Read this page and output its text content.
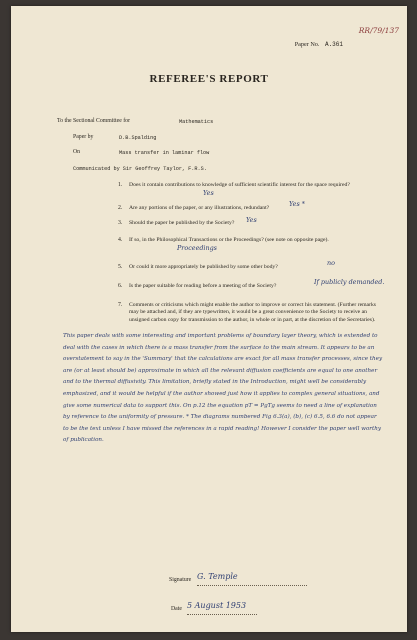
RR/79/137
Paper No. A.361
REFEREE'S REPORT
To the Sectional Committee for	Mathematics
Paper by	D.B.Spalding
On	Mass transfer in laminar flow
Communicated by Sir Geoffrey Taylor, F.R.S.
1. Does it contain contributions to knowledge of sufficient scientific interest for the space required?
Yes
2. Are any portions of the paper, or any illustrations, redundant?	Yes *
3. Should the paper be published by the Society?	Yes
4. If so, in the Philosophical Transactions or the Proceedings? (see note on opposite page).
Proceedings
5. Or could it more appropriately be published by some other body?	no
6. Is the paper suitable for reading before a meeting of the Society?	If publicly demanded.
7. Comments or criticisms which might enable the author to improve or correct his statement. (Further remarks may be attached and, if they are typewritten, it would be a great convenience to the Society to receive an unsigned carbon copy for transmission to the author, in whole or in part, at the discretion of the Secretaries).
This paper deals with some interesting and important problems of boundary layer theory, which is extended to deal with the cases in which there is a mass transfer from the surface to the main stream. It appears to be an overstatement to say in the 'Summary' that the calculations are exact for all mass transfer processes, since they are (or at least should be) approximate in which all the relevant diffusion coefficients are equal to one another and to the thermal diffusivity. This limitation, briefly stated in the Introduction, might well be considerably emphasized, and it would be helpful if the author showed just how it applies to complex general situations, and give some numerical data to support this. On p.12 the equation pT = PgTg seems to need a line of explanation by reference to the uniformity of pressure. * The diagrams numbered Fig 6.3(a), (b), (c) 6.5, 6.6 do not appear to be the text unless I have missed the references in a rapid reading! However I consider the paper well worthy of publication.
Signature G. Temple
Date 5 August 1953
